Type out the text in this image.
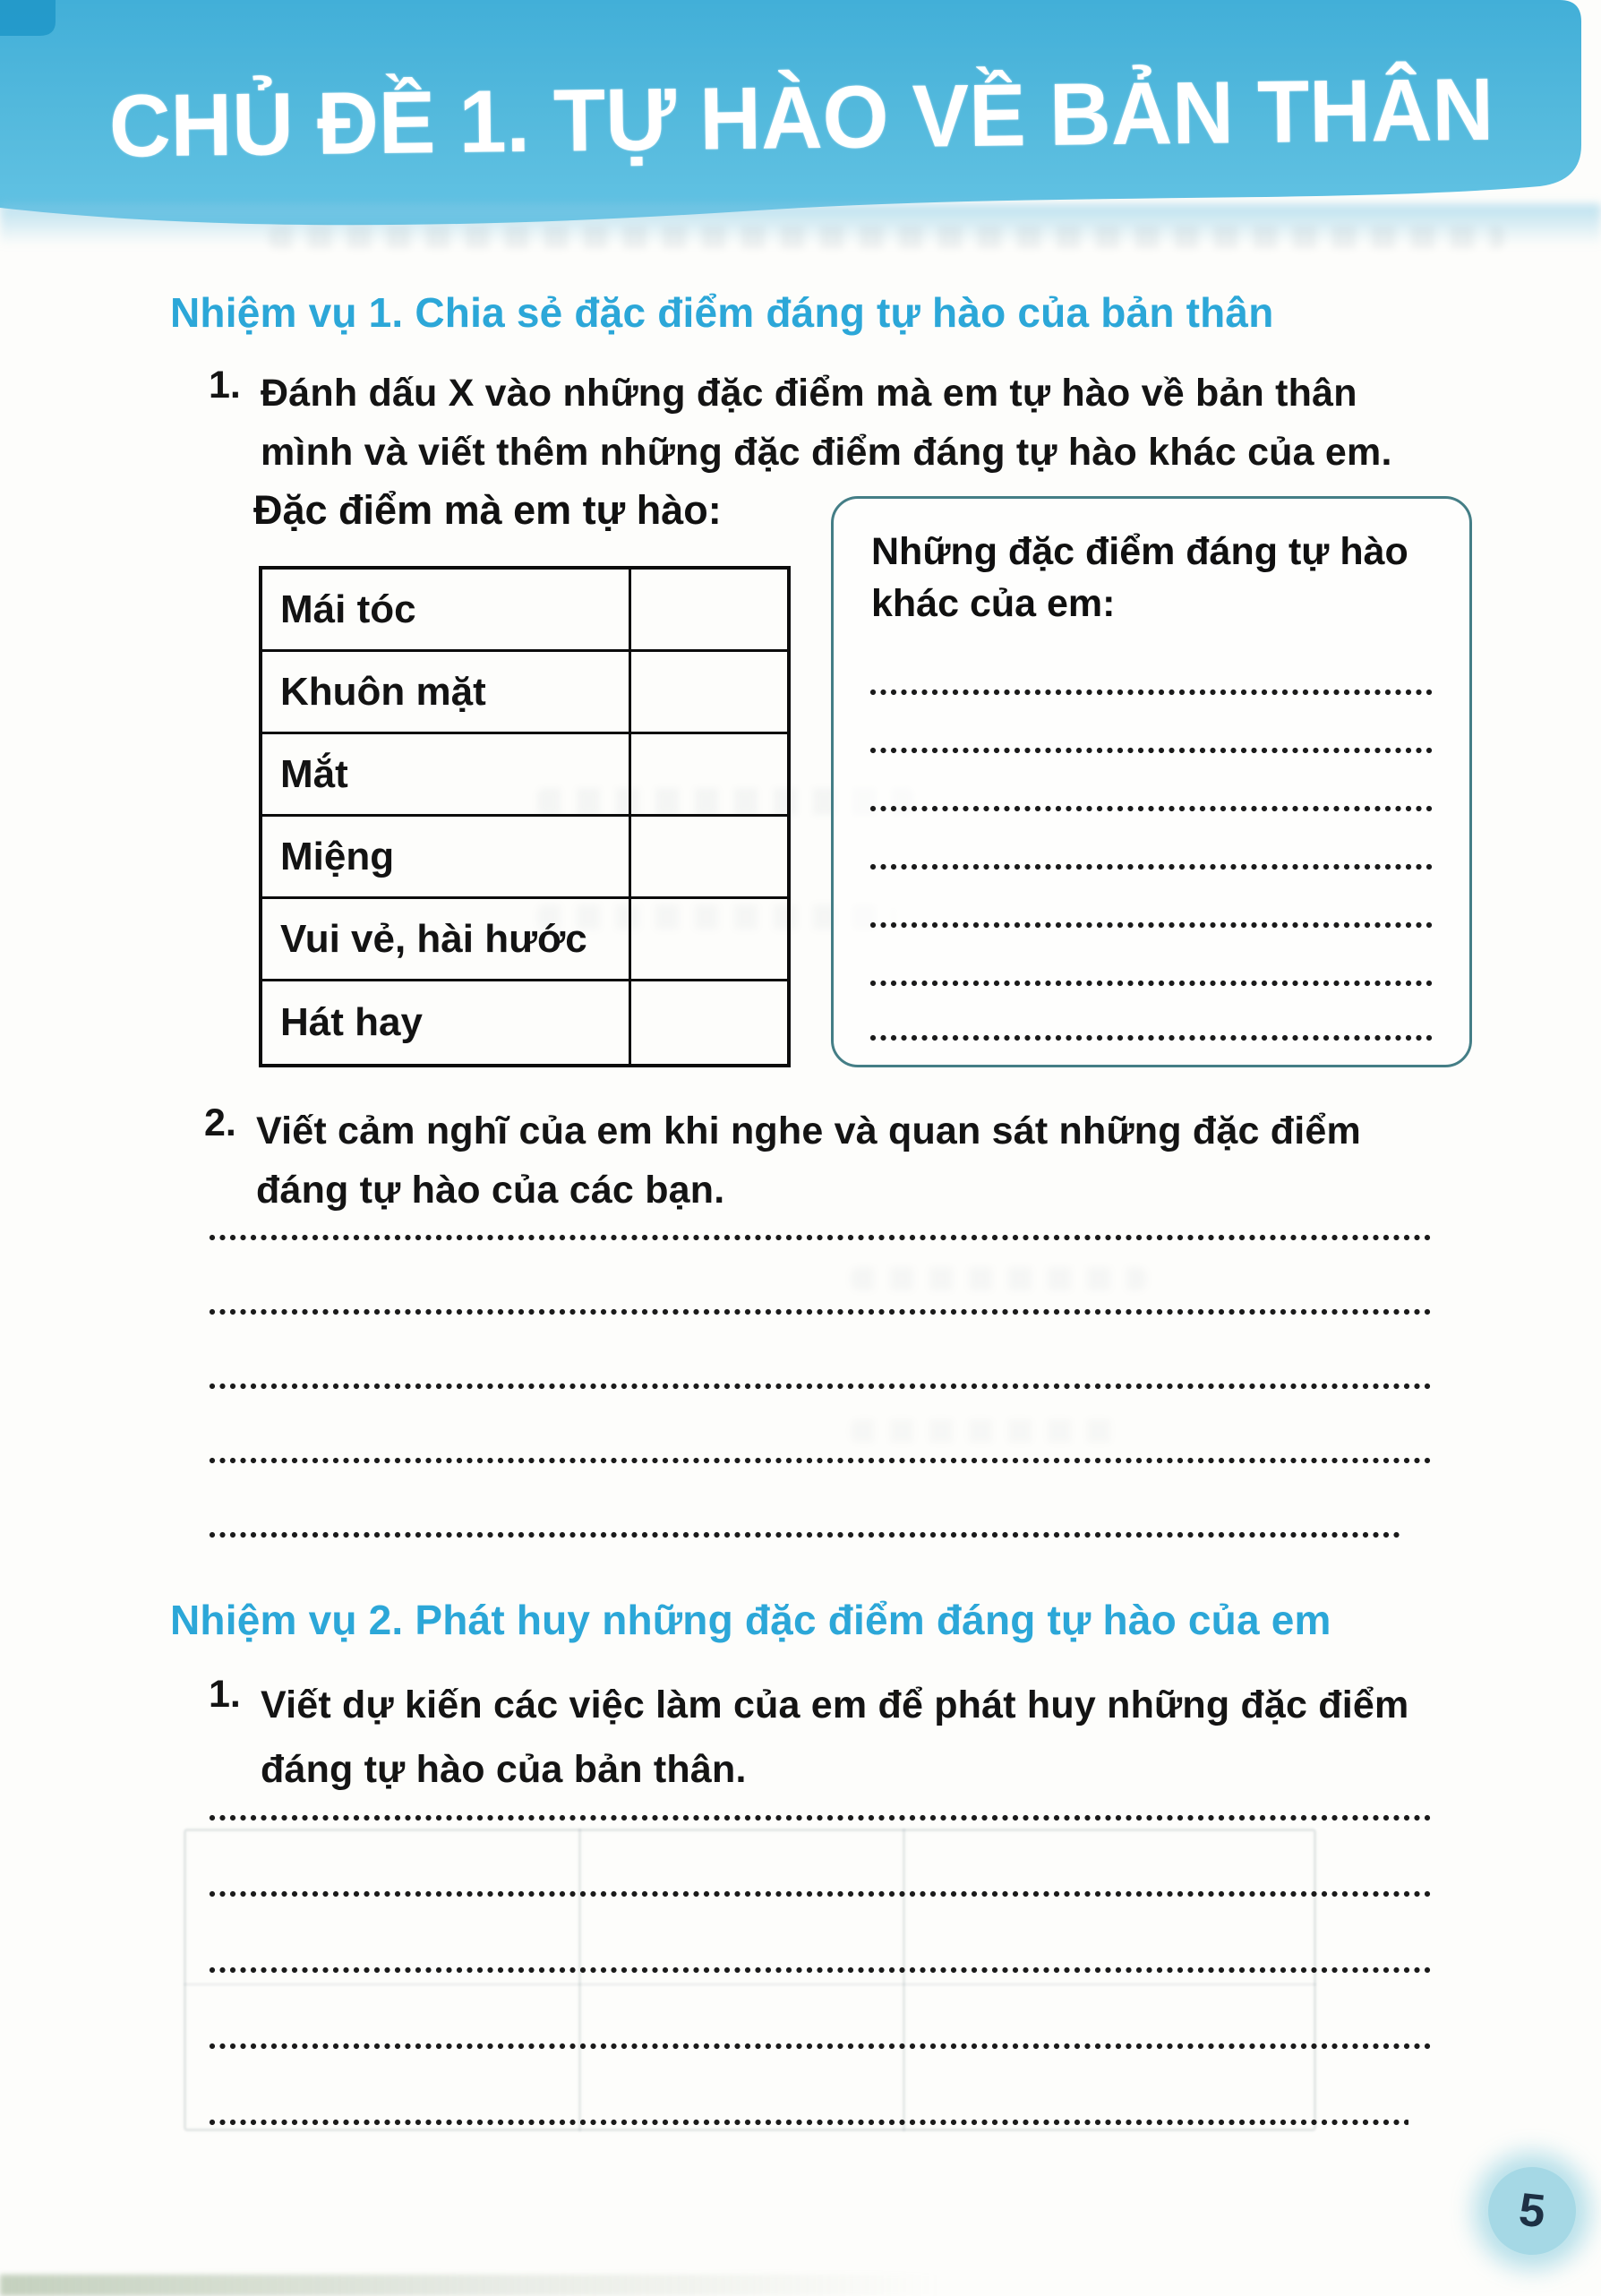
CHỦ ĐỀ 1. TỰ HÀO VỀ BẢN THÂN
Nhiệm vụ 1. Chia sẻ đặc điểm đáng tự hào của bản thân
1. Đánh dấu X vào những đặc điểm mà em tự hào về bản thân
mình và viết thêm những đặc điểm đáng tự hào khác của em.
Đặc điểm mà em tự hào:
Mái tóc
Khuôn mặt
Mắt
Miệng
Vui vẻ, hài hước
Hát hay
Những đặc điểm đáng tự hào
khác của em:
2. Viết cảm nghĩ của em khi nghe và quan sát những đặc điểm
đáng tự hào của các bạn.
Nhiệm vụ 2. Phát huy những đặc điểm đáng tự hào của em
1. Viết dự kiến các việc làm của em để phát huy những đặc điểm
đáng tự hào của bản thân.
5
